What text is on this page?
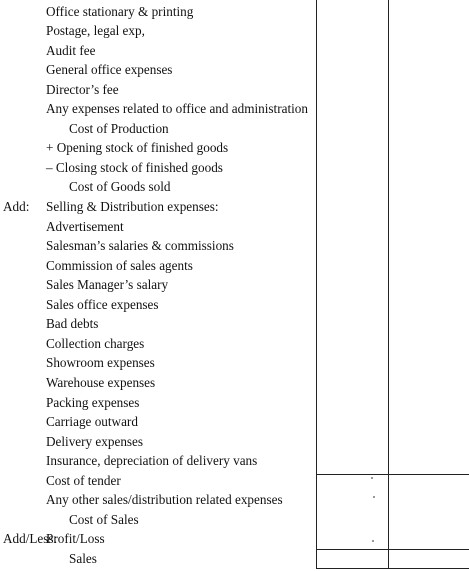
Office stationary & printing
Postage, legal exp,
Audit fee
General office expenses
Director’s fee
Any expenses related to office and administration
Cost of Production
+ Opening stock of finished goods
– Closing stock of finished goods
Cost of Goods sold
Add: Selling & Distribution expenses:
Advertisement
Salesman’s salaries & commissions
Commission of sales agents
Sales Manager’s salary
Sales office expenses
Bad debts
Collection charges
Showroom expenses
Warehouse expenses
Packing expenses
Carriage outward
Delivery expenses
Insurance, depreciation of delivery vans
Cost of tender
Any other sales/distribution related expenses
Cost of Sales
Add/Less:
Profit/Loss
Sales
